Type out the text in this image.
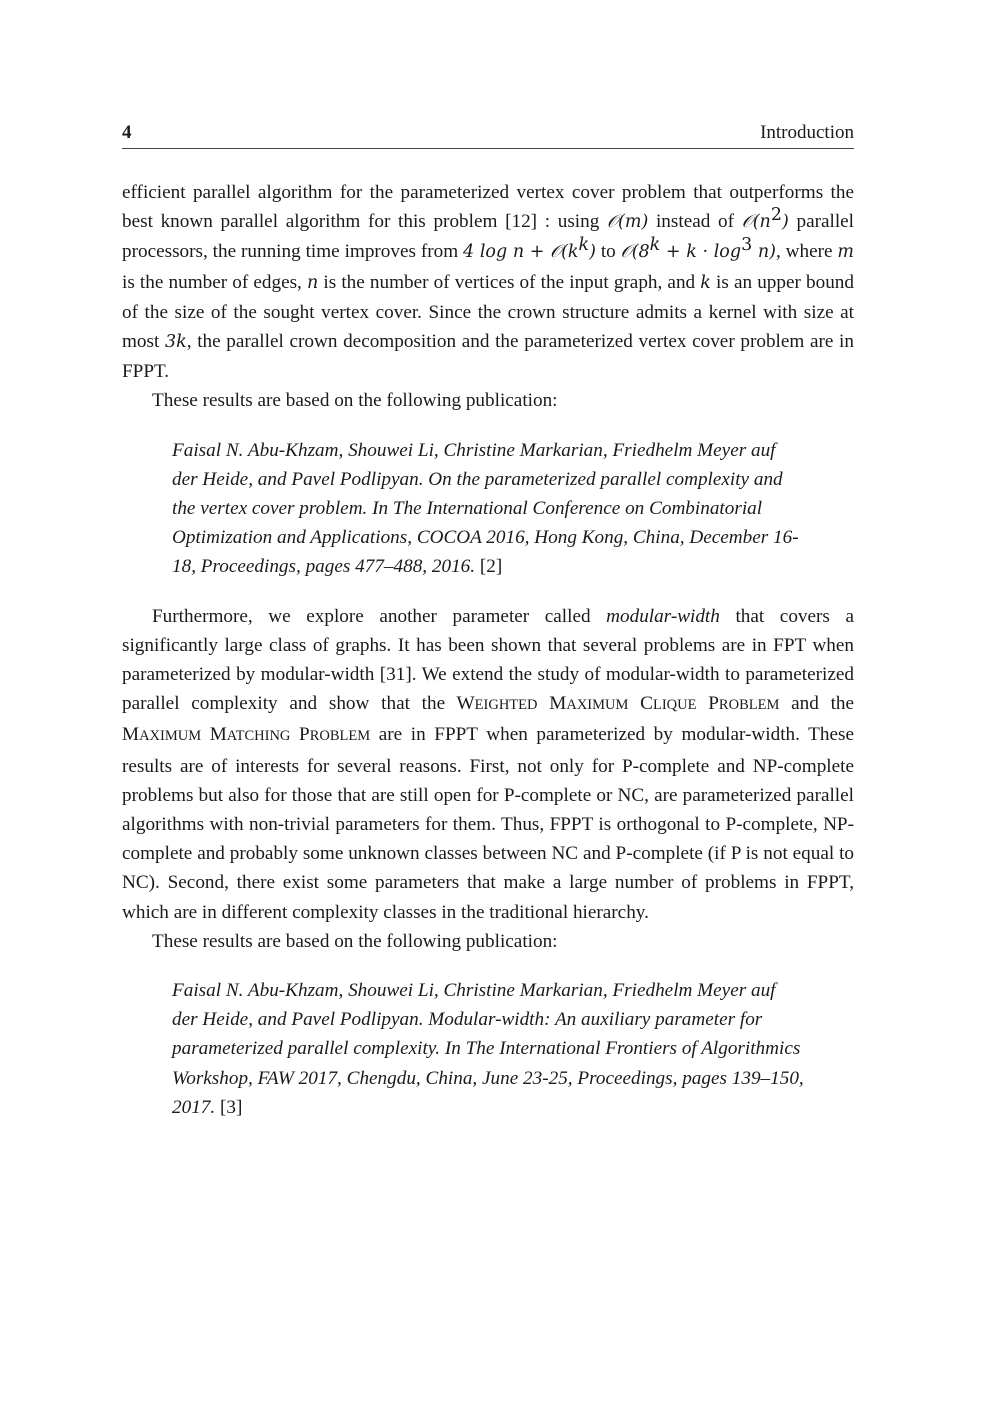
4	Introduction

efficient parallel algorithm for the parameterized vertex cover problem that outperforms the best known parallel algorithm for this problem [12] : using 𝒪(m) instead of $𝒪(n^2)$ parallel processors, the running time improves from 4 $\log n + 𝒪(k^k)$ to $𝒪(8^k + k \cdot \log^3 n)$, where m is the number of edges, n is the number of vertices of the input graph, and k is an upper bound of the size of the sought vertex cover. Since the crown structure admits a kernel with size at most 3k, the parallel crown decomposition and the parameterized vertex cover problem are in FPPT.

These results are based on the following publication:

Faisal N. Abu-Khzam, Shouwei Li, Christine Markarian, Friedhelm Meyer auf der Heide, and Pavel Podlipyan. On the parameterized parallel complexity and the vertex cover problem. In The International Conference on Combinatorial Optimization and Applications, COCOA 2016, Hong Kong, China, December 16-18, Proceedings, pages 477–488, 2016. [2]

Furthermore, we explore another parameter called modular-width that covers a significantly large class of graphs. It has been shown that several problems are in FPT when parameterized by modular-width [31]. We extend the study of modular-width to parameterized parallel complexity and show that the WEIGHTED MAXIMUM CLIQUE PROBLEM and the MAXIMUM MATCHING PROBLEM are in FPPT when parameterized by modular-width. These results are of interests for several reasons. First, not only for P-complete and NP-complete problems but also for those that are still open for P-complete or NC, are parameterized parallel algorithms with non-trivial parameters for them. Thus, FPPT is orthogonal to P-complete, NP-complete and probably some unknown classes between NC and P-complete (if P is not equal to NC). Second, there exist some parameters that make a large number of problems in FPPT, which are in different complexity classes in the traditional hierarchy.

These results are based on the following publication:

Faisal N. Abu-Khzam, Shouwei Li, Christine Markarian, Friedhelm Meyer auf der Heide, and Pavel Podlipyan. Modular-width: An auxiliary parameter for parameterized parallel complexity. In The International Frontiers of Algorithmics Workshop, FAW 2017, Chengdu, China, June 23-25, Proceedings, pages 139–150, 2017. [3]
